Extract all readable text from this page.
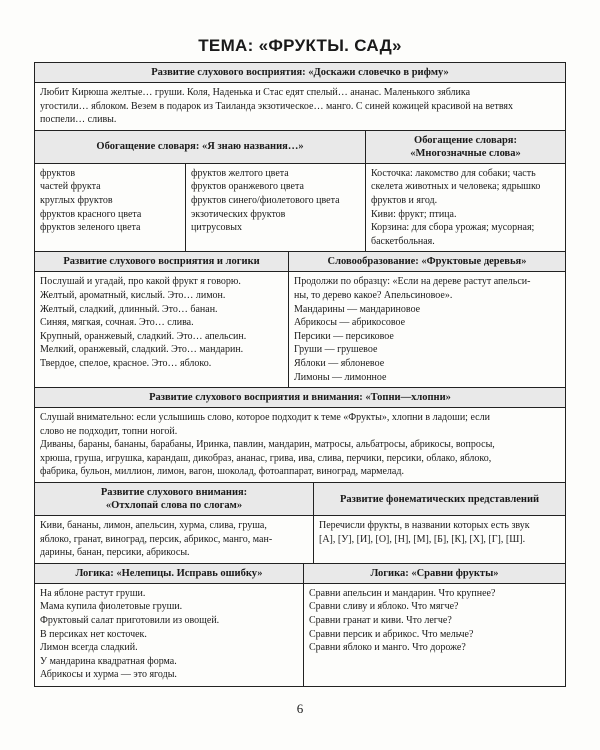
ТЕМА: «ФРУКТЫ. САД»
Развитие слухового восприятия: «Доскажи словечко в рифму»
Любит Кирюша желтые… груши. Коля, Наденька и Стас едят спелый… ананас. Маленького зяблика
угостили… яблоком. Везем в подарок из Таиланда экзотическое… манго. С синей кожицей красивой на ветвях
поспели… сливы.
Обогащение словаря: «Я знаю названия…»
Обогащение словаря:
«Многозначные слова»
фруктов
частей фрукта
круглых фруктов
фруктов красного цвета
фруктов зеленого цвета
фруктов желтого цвета
фруктов оранжевого цвета
фруктов синего/фиолетового цвета
экзотических фруктов
цитрусовых
Косточка: лакомство для собаки; часть
скелета животных и человека; ядрышко
фруктов и ягод.
Киви: фрукт; птица.
Корзина: для сбора урожая; мусорная;
баскетбольная.
Развитие слухового восприятия и логики	Словообразование: «Фруктовые деревья»
Послушай и угадай, про какой фрукт я говорю.
Желтый, ароматный, кислый. Это… лимон.
Желтый, сладкий, длинный. Это… банан.
Синяя, мягкая, сочная. Это… слива.
Крупный, оранжевый, сладкий. Это… апельсин.
Мелкий, оранжевый, сладкий. Это… мандарин.
Твердое, спелое, красное. Это… яблоко.
Продолжи по образцу: «Если на дереве растут апельси-
ны, то дерево какое? Апельсиновое».
Мандарины — мандариновое
Абрикосы — абрикосовое
Персики — персиковое
Груши — грушевое
Яблоки — яблоневое
Лимоны — лимонное
Развитие слухового восприятия и внимания: «Топни—хлопни»
Слушай внимательно: если услышишь слово, которое подходит к теме «Фрукты», хлопни в ладоши; если
слово не подходит, топни ногой.
Диваны, бараны, бананы, барабаны, Иринка, павлин, мандарин, матросы, альбатросы, абрикосы, вопросы,
хрюша, груша, игрушка, карандаш, дикобраз, ананас, грива, ива, слива, перчики, персики, облако, яблоко,
фабрика, бульон, миллион, лимон, вагон, шоколад, фотоаппарат, виноград, мармелад.
Развитие слухового внимания:
«Отхлопай слова по слогам»
Развитие фонематических представлений
Киви, бананы, лимон, апельсин, хурма, слива, груша,
яблоко, гранат, виноград, персик, абрикос, манго, ман-
дарины, банан, персики, абрикосы.
Перечисли фрукты, в названии которых есть звук
[А], [У], [И], [О], [Н], [М], [Б], [К], [Х], [Г], [Ш].
Логика: «Нелепицы. Исправь ошибку»	Логика: «Сравни фрукты»
На яблоне растут груши.
Мама купила фиолетовые груши.
Фруктовый салат приготовили из овощей.
В персиках нет косточек.
Лимон всегда сладкий.
У мандарина квадратная форма.
Абрикосы и хурма — это ягоды.
Сравни апельсин и мандарин. Что крупнее?
Сравни сливу и яблоко. Что мягче?
Сравни гранат и киви. Что легче?
Сравни персик и абрикос. Что мельче?
Сравни яблоко и манго. Что дороже?
6
